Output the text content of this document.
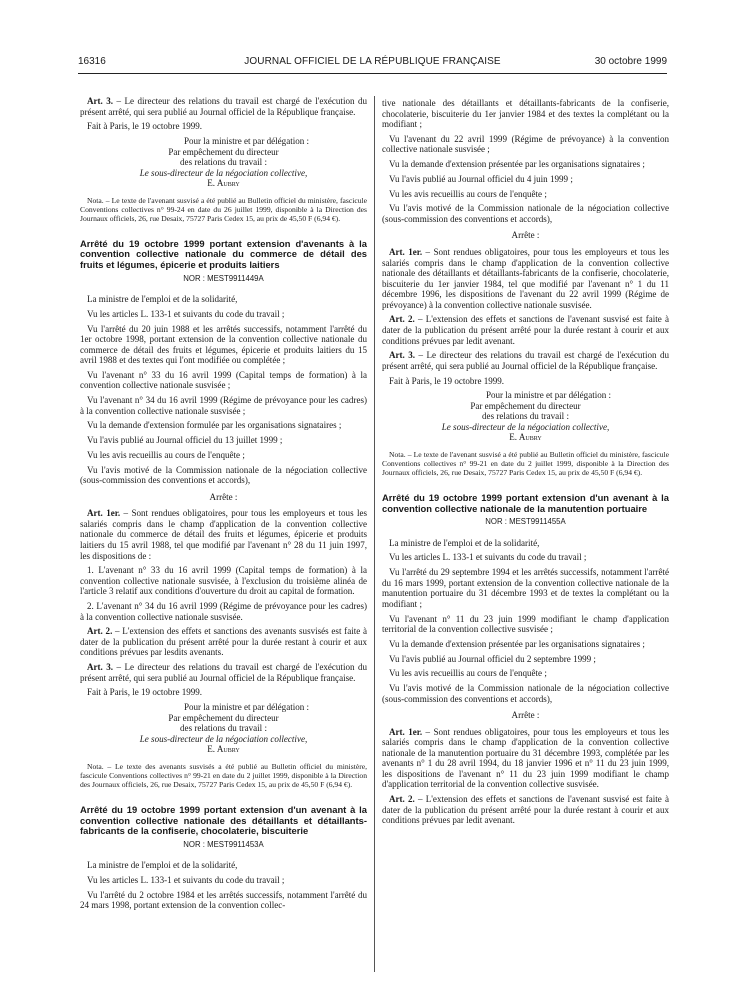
16316	JOURNAL OFFICIEL DE LA RÉPUBLIQUE FRANÇAISE	30 octobre 1999

Art. 3. – Le directeur des relations du travail est chargé de l'exécution du présent arrêté, qui sera publié au Journal officiel de la République française.

Fait à Paris, le 19 octobre 1999.

Pour la ministre et par délégation :
Par empêchement du directeur
des relations du travail :
Le sous-directeur de la négociation collective,
E. Aubry

Nota. – Le texte de l'avenant susvisé a été publié au Bulletin officiel du ministère, fascicule Conventions collectives n° 99-24 en date du 26 juillet 1999, disponible à la Direction des Journaux officiels, 26, rue Desaix, 75727 Paris Cedex 15, au prix de 45,50 F (6,94 €).

Arrêté du 19 octobre 1999 portant extension d'avenants à la convention collective nationale du commerce de détail des fruits et légumes, épicerie et produits laitiers
NOR : MEST9911449A

La ministre de l'emploi et de la solidarité,

Vu les articles L. 133-1 et suivants du code du travail ;

Vu l'arrêté du 20 juin 1988 et les arrêtés successifs, notamment l'arrêté du 1er octobre 1998, portant extension de la convention collective nationale du commerce de détail des fruits et légumes, épicerie et produits laitiers du 15 avril 1988 et des textes qui l'ont modifiée ou complétée ;

Vu l'avenant n° 33 du 16 avril 1999 (Capital temps de formation) à la convention collective nationale susvisée ;

Vu l'avenant n° 34 du 16 avril 1999 (Régime de prévoyance pour les cadres) à la convention collective nationale susvisée ;

Vu la demande d'extension formulée par les organisations signataires ;

Vu l'avis publié au Journal officiel du 13 juillet 1999 ;

Vu les avis recueillis au cours de l'enquête ;

Vu l'avis motivé de la Commission nationale de la négociation collective (sous-commission des conventions et accords),

Arrête :

Art. 1er. – Sont rendues obligatoires, pour tous les employeurs et tous les salariés compris dans le champ d'application de la convention collective nationale du commerce de détail des fruits et légumes, épicerie et produits laitiers du 15 avril 1988, tel que modifié par l'avenant n° 28 du 11 juin 1997, les dispositions de :

1. L'avenant n° 33 du 16 avril 1999 (Capital temps de formation) à la convention collective nationale susvisée, à l'exclusion du troisième alinéa de l'article 3 relatif aux conditions d'ouverture du droit au capital de formation.

2. L'avenant n° 34 du 16 avril 1999 (Régime de prévoyance pour les cadres) à la convention collective nationale susvisée.

Art. 2. – L'extension des effets et sanctions des avenants susvisés est faite à dater de la publication du présent arrêté pour la durée restant à courir et aux conditions prévues par lesdits avenants.

Art. 3. – Le directeur des relations du travail est chargé de l'exécution du présent arrêté, qui sera publié au Journal officiel de la République française.

Fait à Paris, le 19 octobre 1999.

Pour la ministre et par délégation :
Par empêchement du directeur
des relations du travail :
Le sous-directeur de la négociation collective,
E. Aubry

Nota. – Le texte des avenants susvisés a été publié au Bulletin officiel du ministère, fascicule Conventions collectives n° 99-21 en date du 2 juillet 1999, disponible à la Direction des Journaux officiels, 26, rue Desaix, 75727 Paris Cedex 15, au prix de 45,50 F (6,94 €).

Arrêté du 19 octobre 1999 portant extension d'un avenant à la convention collective nationale des détaillants et détaillants-fabricants de la confiserie, chocolaterie, biscuiterie
NOR : MEST9911453A

La ministre de l'emploi et de la solidarité,

Vu les articles L. 133-1 et suivants du code du travail ;

Vu l'arrêté du 2 octobre 1984 et les arrêtés successifs, notamment l'arrêté du 24 mars 1998, portant extension de la convention collec-

tive nationale des détaillants et détaillants-fabricants de la confiserie, chocolaterie, biscuiterie du 1er janvier 1984 et des textes la complétant ou la modifiant ;

Vu l'avenant du 22 avril 1999 (Régime de prévoyance) à la convention collective nationale susvisée ;

Vu la demande d'extension présentée par les organisations signataires ;

Vu l'avis publié au Journal officiel du 4 juin 1999 ;

Vu les avis recueillis au cours de l'enquête ;

Vu l'avis motivé de la Commission nationale de la négociation collective (sous-commission des conventions et accords),

Arrête :

Art. 1er. – Sont rendues obligatoires, pour tous les employeurs et tous les salariés compris dans le champ d'application de la convention collective nationale des détaillants et détaillants-fabricants de la confiserie, chocolaterie, biscuiterie du 1er janvier 1984, tel que modifié par l'avenant n° 1 du 11 décembre 1996, les dispositions de l'avenant du 22 avril 1999 (Régime de prévoyance) à la convention collective nationale susvisée.

Art. 2. – L'extension des effets et sanctions de l'avenant susvisé est faite à dater de la publication du présent arrêté pour la durée restant à courir et aux conditions prévues par ledit avenant.

Art. 3. – Le directeur des relations du travail est chargé de l'exécution du présent arrêté, qui sera publié au Journal officiel de la République française.

Fait à Paris, le 19 octobre 1999.

Pour la ministre et par délégation :
Par empêchement du directeur
des relations du travail :
Le sous-directeur de la négociation collective,
E. Aubry

Nota. – Le texte de l'avenant susvisé a été publié au Bulletin officiel du ministère, fascicule Conventions collectives n° 99-21 en date du 2 juillet 1999, disponible à la Direction des Journaux officiels, 26, rue Desaix, 75727 Paris Cedex 15, au prix de 45,50 F (6,94 €).

Arrêté du 19 octobre 1999 portant extension d'un avenant à la convention collective nationale de la manutention portuaire
NOR : MEST9911455A

La ministre de l'emploi et de la solidarité,

Vu les articles L. 133-1 et suivants du code du travail ;

Vu l'arrêté du 29 septembre 1994 et les arrêtés successifs, notamment l'arrêté du 16 mars 1999, portant extension de la convention collective nationale de la manutention portuaire du 31 décembre 1993 et de textes la complétant ou la modifiant ;

Vu l'avenant n° 11 du 23 juin 1999 modifiant le champ d'application territorial de la convention collective susvisée ;

Vu la demande d'extension présentée par les organisations signataires ;

Vu l'avis publié au Journal officiel du 2 septembre 1999 ;

Vu les avis recueillis au cours de l'enquête ;

Vu l'avis motivé de la Commission nationale de la négociation collective (sous-commission des conventions et accords),

Arrête :

Art. 1er. – Sont rendues obligatoires, pour tous les employeurs et tous les salariés compris dans le champ d'application de la convention collective nationale de la manutention portuaire du 31 décembre 1993, complétée par les avenants n° 1 du 28 avril 1994, du 18 janvier 1996 et n° 11 du 23 juin 1999, les dispositions de l'avenant n° 11 du 23 juin 1999 modifiant le champ d'application territorial de la convention collective susvisée.

Art. 2. – L'extension des effets et sanctions de l'avenant susvisé est faite à dater de la publication du présent arrêté pour la durée restant à courir et aux conditions prévues par ledit avenant.
